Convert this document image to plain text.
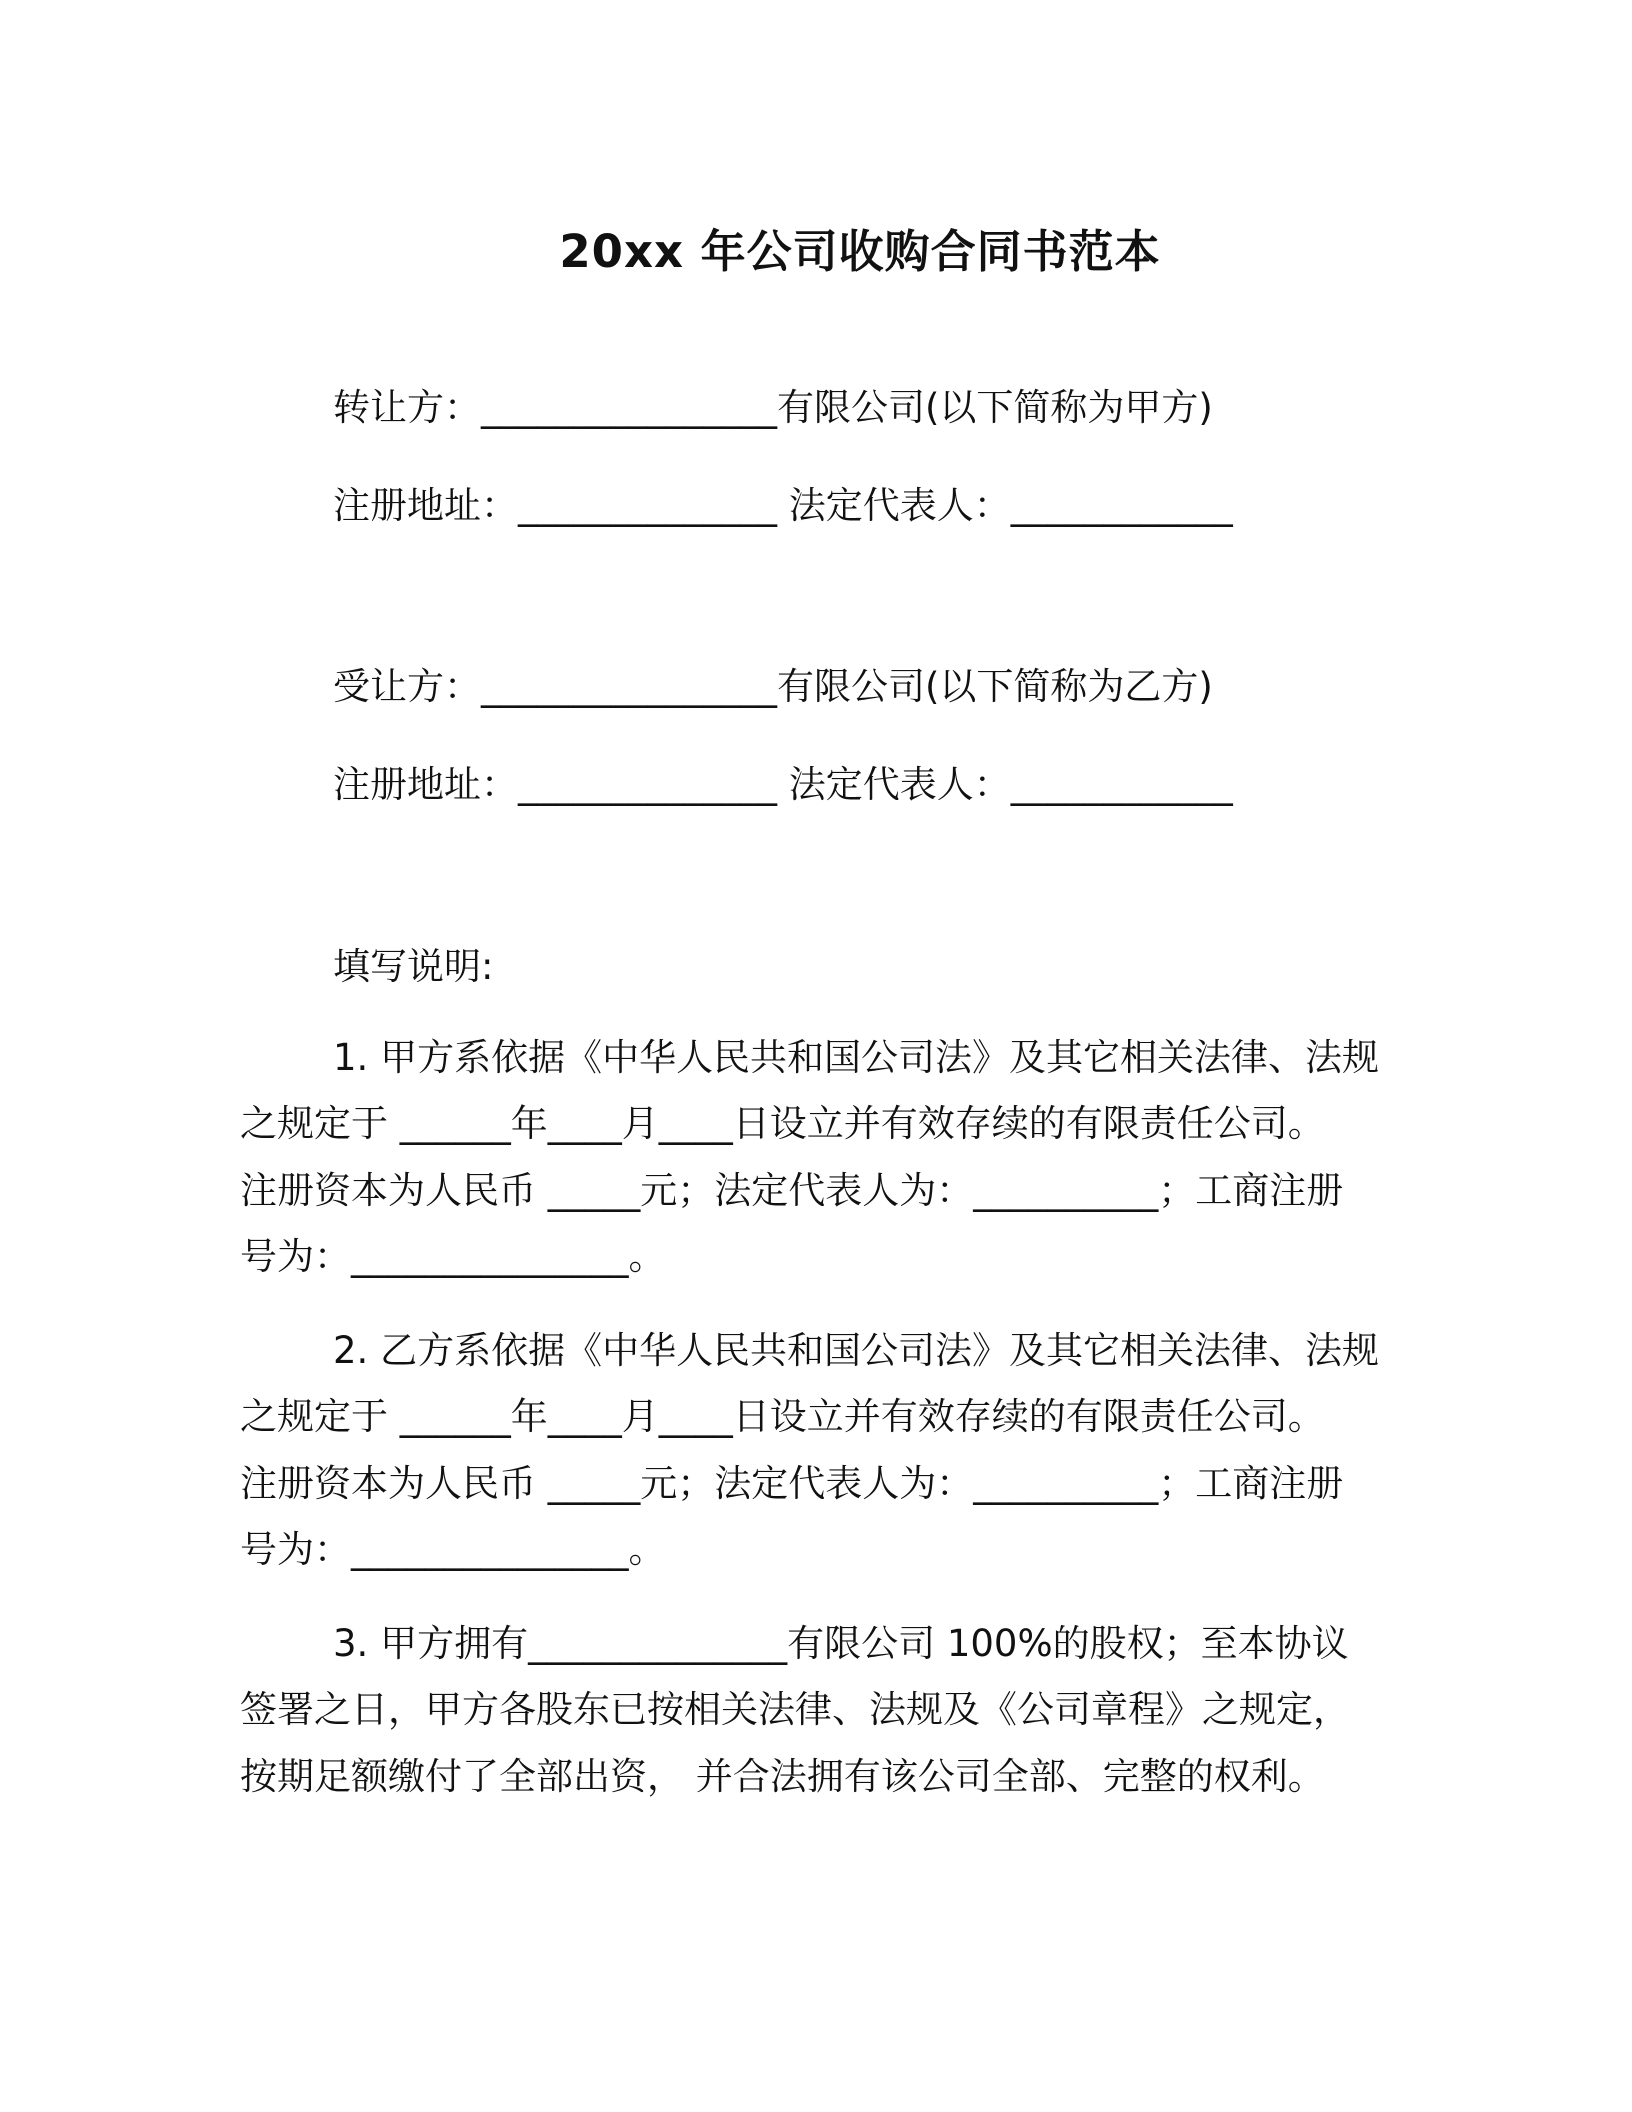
20xx 年公司收购合同书范本
转让方：________________有限公司(以下简称为甲方)
注册地址：______________ 法定代表人：____________
受让方：________________有限公司(以下简称为乙方)
注册地址：______________ 法定代表人：____________
填写说明:
1. 甲方系依据《中华人民共和国公司法》及其它相关法律、法规
之规定于 ______年____月____日设立并有效存续的有限责任公司。
注册资本为人民币 _____元；法定代表人为：__________；工商注册
号为：_______________。
2. 乙方系依据《中华人民共和国公司法》及其它相关法律、法规
之规定于 ______年____月____日设立并有效存续的有限责任公司。
注册资本为人民币 _____元；法定代表人为：__________；工商注册
号为：_______________。
3. 甲方拥有______________有限公司 100%的股权；至本协议
签署之日，甲方各股东已按相关法律、法规及《公司章程》之规定，
按期足额缴付了全部出资， 并合法拥有该公司全部、完整的权利。
